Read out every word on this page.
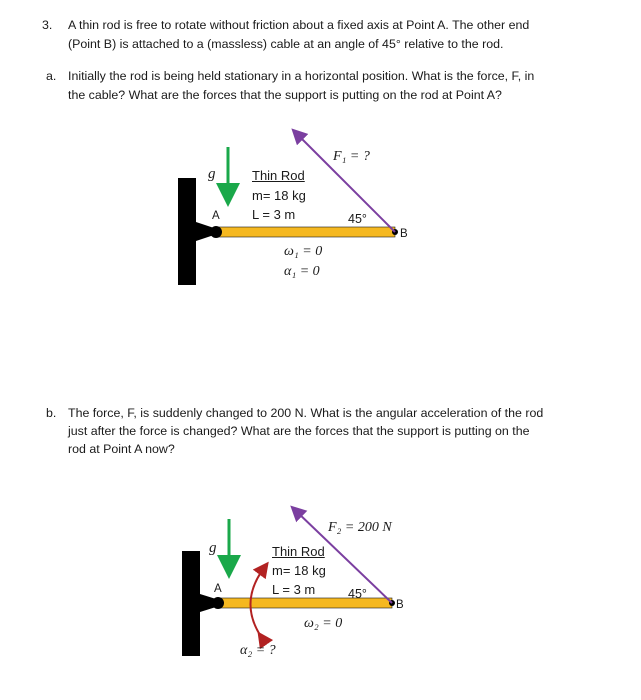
3. A thin rod is free to rotate without friction about a fixed axis at Point A. The other end
(Point B) is attached to a (massless) cable at an angle of 45° relative to the rod.
a. Initially the rod is being held stationary in a horizontal position. What is the force, F, in
the cable? What are the forces that the support is putting on the rod at Point A?
g	Thin Rod
m= 18 kg
L = 3 m
F₁ = ?
45°
A
B
ω₁ = 0
α₁ = 0
b. The force, F, is suddenly changed to 200 N. What is the angular acceleration of the rod
just after the force is changed? What are the forces that the support is putting on the
rod at Point A now?
g	Thin Rod
m= 18 kg
L = 3 m
F₂ = 200 N
45°
A
B
ω₂ = 0
α₂ = ?
